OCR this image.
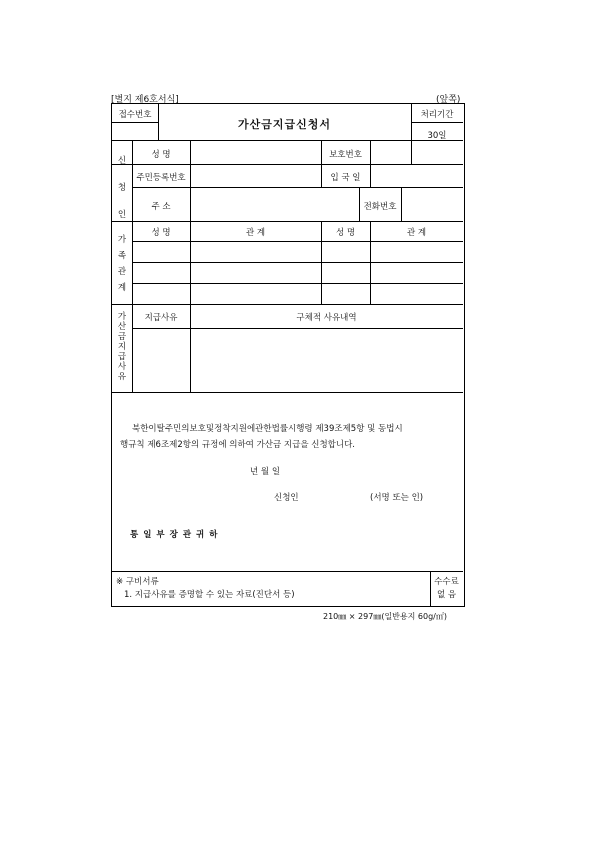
[별지 제6호서식]	(앞쪽)
접수번호
가산금지급신청서
처리기간
30일
신청인
성 명	보호번호
주민등록번호	입 국 일
주 소	전화번호
가족관계
성 명	관 계	성 명	관 계
가산금지급사유
지급사유	구체적 사유내역
북한이탈주민의보호및정착지원에관한법률시행령 제39조제5항 및 동법시
행규칙 제6조제2항의 규정에 의하여 가산금 지급을 신청합니다.
년 월 일
신청인	(서명 또는 인)
통일부장관귀하
※ 구비서류
1. 지급사유를 증명할 수 있는 자료(진단서 등)
수수료
없 음
210㎜ × 297㎜(일반용지 60g/㎡)
